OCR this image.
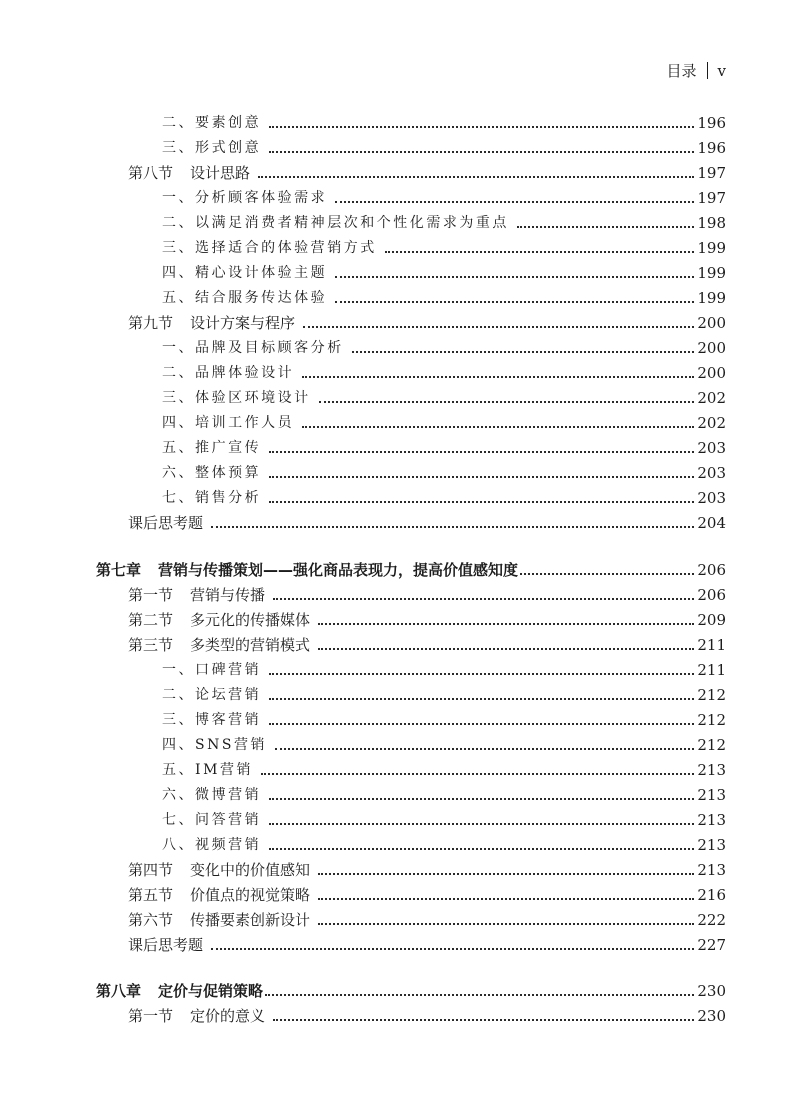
目录 v
二、要素创意	196
三、形式创意	196
第八节 设计思路	197
一、分析顾客体验需求	197
二、以满足消费者精神层次和个性化需求为重点	198
三、选择适合的体验营销方式	199
四、精心设计体验主题	199
五、结合服务传达体验	199
第九节 设计方案与程序	200
一、品牌及目标顾客分析	200
二、品牌体验设计	200
三、体验区环境设计	202
四、培训工作人员	202
五、推广宣传	203
六、整体预算	203
七、销售分析	203
课后思考题	204
第七章 营销与传播策划——强化商品表现力，提高价值感知度	206
第一节 营销与传播	206
第二节 多元化的传播媒体	209
第三节 多类型的营销模式	211
一、口碑营销	211
二、论坛营销	212
三、博客营销	212
四、SNS营销	212
五、IM营销	213
六、微博营销	213
七、问答营销	213
八、视频营销	213
第四节 变化中的价值感知	213
第五节 价值点的视觉策略	216
第六节 传播要素创新设计	222
课后思考题	227
第八章 定价与促销策略	230
第一节 定价的意义	230
